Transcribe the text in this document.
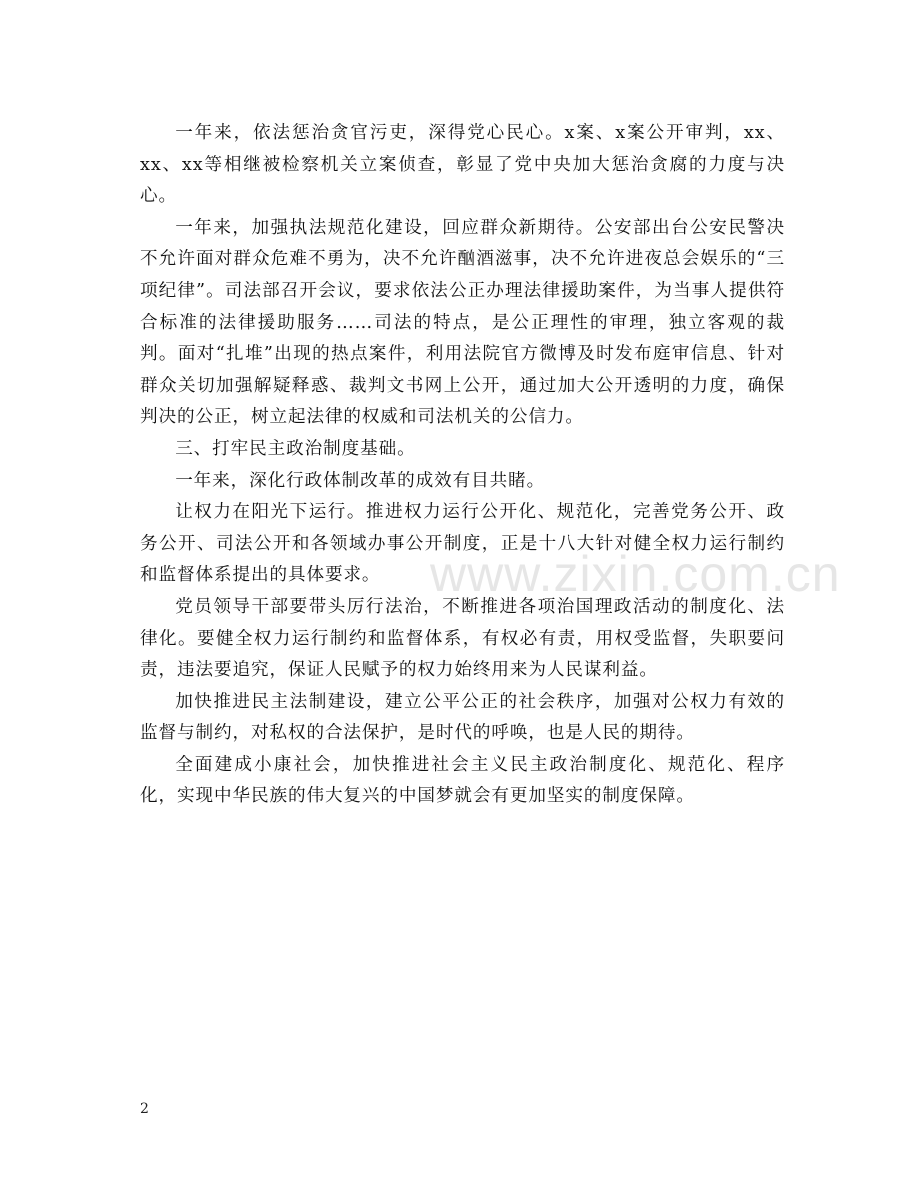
一年来，依法惩治贪官污吏，深得党心民心。x案、x案公开审判，xx、xx、xx等相继被检察机关立案侦查，彰显了党中央加大惩治贪腐的力度与决心。

一年来，加强执法规范化建设，回应群众新期待。公安部出台公安民警决不允许面对群众危难不勇为，决不允许酗酒滋事，决不允许进夜总会娱乐的“三项纪律”。司法部召开会议，要求依法公正办理法律援助案件，为当事人提供符合标准的法律援助服务……司法的特点，是公正理性的审理，独立客观的裁判。面对“扎堆”出现的热点案件，利用法院官方微博及时发布庭审信息、针对群众关切加强解疑释惑、裁判文书网上公开，通过加大公开透明的力度，确保判决的公正，树立起法律的权威和司法机关的公信力。

三、打牢民主政治制度基础。

一年来，深化行政体制改革的成效有目共睹。

让权力在阳光下运行。推进权力运行公开化、规范化，完善党务公开、政务公开、司法公开和各领域办事公开制度，正是十八大针对健全权力运行制约和监督体系提出的具体要求。

党员领导干部要带头厉行法治，不断推进各项治国理政活动的制度化、法律化。要健全权力运行制约和监督体系，有权必有责，用权受监督，失职要问责，违法要追究，保证人民赋予的权力始终用来为人民谋利益。

加快推进民主法制建设，建立公平公正的社会秩序，加强对公权力有效的监督与制约，对私权的合法保护，是时代的呼唤，也是人民的期待。

全面建成小康社会，加快推进社会主义民主政治制度化、规范化、程序化，实现中华民族的伟大复兴的中国梦就会有更加坚实的制度保障。

www.zixin.com.cn
2
